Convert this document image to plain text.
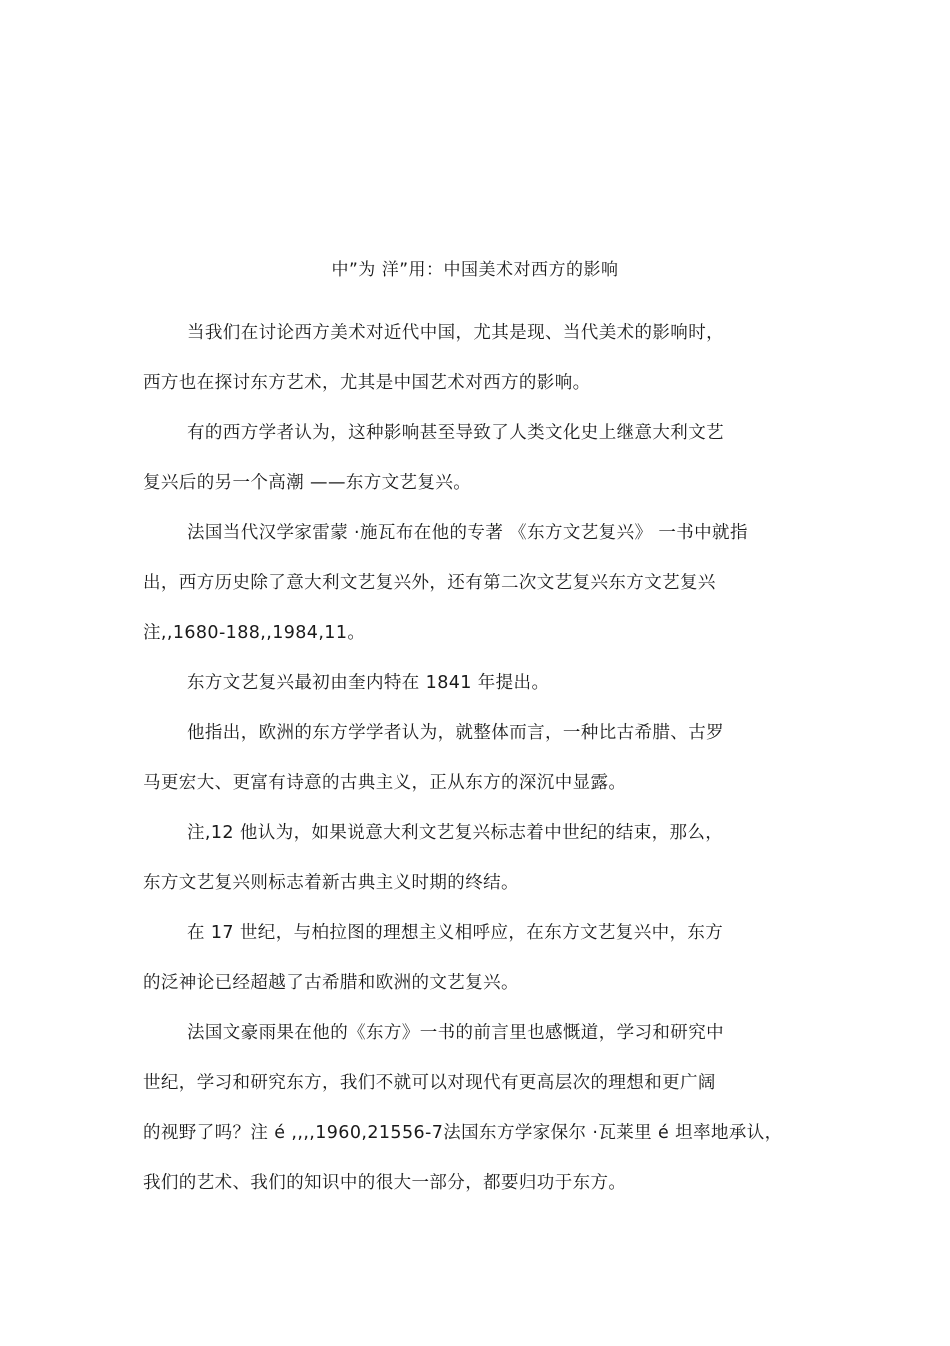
中”为 洋”用：中国美术对西方的影响
当我们在讨论西方美术对近代中国，尤其是现、当代美术的影响时，
西方也在探讨东方艺术，尤其是中国艺术对西方的影响。
有的西方学者认为，这种影响甚至导致了人类文化史上继意大利文艺
复兴后的另一个高潮 ——东方文艺复兴。
法国当代汉学家雷蒙 ·施瓦布在他的专著 《东方文艺复兴》 一书中就指
出，西方历史除了意大利文艺复兴外，还有第二次文艺复兴东方文艺复兴
注,,1680-188,,1984,11。
东方文艺复兴最初由奎内特在 1841 年提出。
他指出，欧洲的东方学学者认为，就整体而言，一种比古希腊、古罗
马更宏大、更富有诗意的古典主义，正从东方的深沉中显露。
注,12 他认为，如果说意大利文艺复兴标志着中世纪的结束，那么，
东方文艺复兴则标志着新古典主义时期的终结。
在 17 世纪，与柏拉图的理想主义相呼应，在东方文艺复兴中，东方
的泛神论已经超越了古希腊和欧洲的文艺复兴。
法国文豪雨果在他的《东方》一书的前言里也感慨道，学习和研究中
世纪，学习和研究东方，我们不就可以对现代有更高层次的理想和更广阔
的视野了吗？注 é ,,,,1960,21556-7法国东方学家保尔 ·瓦莱里 é 坦率地承认，
我们的艺术、我们的知识中的很大一部分，都要归功于东方。
